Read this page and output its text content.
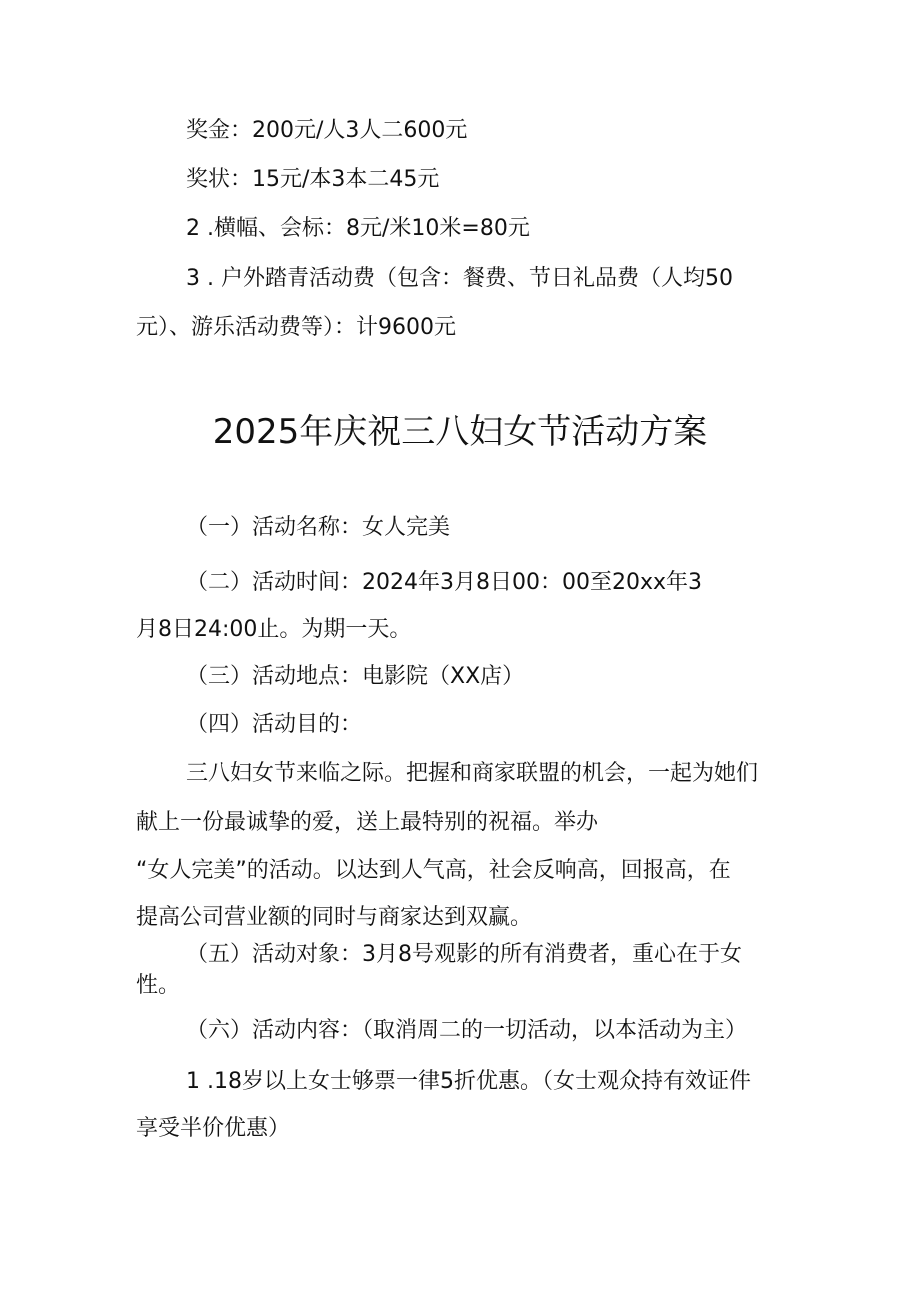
奖金：200元/人3人二600元

奖状：15元/本3本二45元

2 .横幅、会标：8元/米10米=80元

3 . 户外踏青活动费（包含：餐费、节日礼品费（人均50

元）、游乐活动费等）：计9600元

2025年庆祝三八妇女节活动方案

（一）活动名称：女人完美

（二）活动时间：2024年3月8日00：00至20xx年3

月8日24:00止。为期一天。

（三）活动地点：电影院（XX店）

（四）活动目的：

三八妇女节来临之际。把握和商家联盟的机会，一起为她们

献上一份最诚挚的爱，送上最特别的祝福。举办

“女人完美”的活动。以达到人气高，社会反响高，回报高，在

提高公司营业额的同时与商家达到双赢。

（五）活动对象：3月8号观影的所有消费者，重心在于女

性。

（六）活动内容：（取消周二的一切活动，以本活动为主）

1 .18岁以上女士够票一律5折优惠。（女士观众持有效证件

享受半价优惠）
